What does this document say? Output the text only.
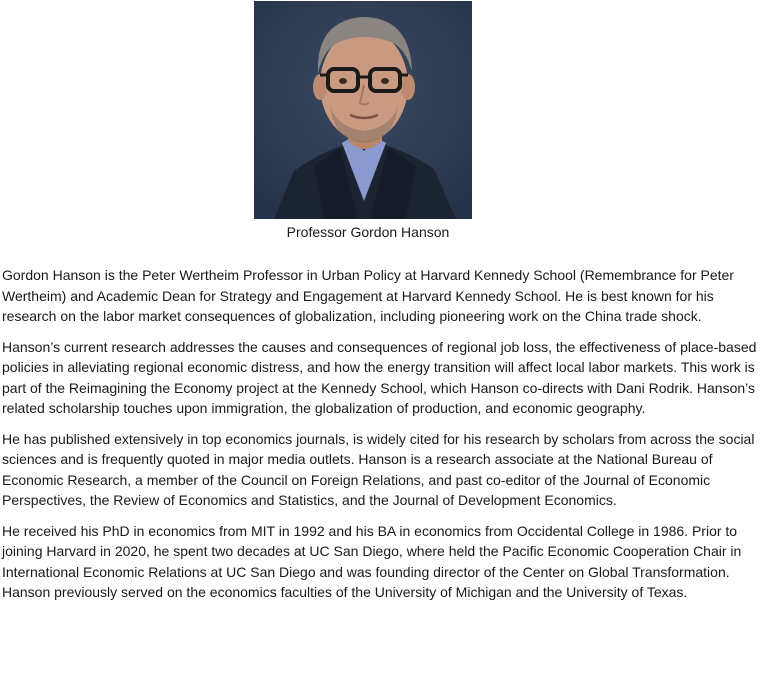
Professor Gordon Hanson

Gordon Hanson is the Peter Wertheim Professor in Urban Policy at Harvard Kennedy School (Remembrance for Peter Wertheim) and Academic Dean for Strategy and Engagement at Harvard Kennedy School. He is best known for his research on the labor market consequences of globalization, including pioneering work on the China trade shock.

Hanson’s current research addresses the causes and consequences of regional job loss, the effectiveness of place-based policies in alleviating regional economic distress, and how the energy transition will affect local labor markets. This work is part of the Reimagining the Economy project at the Kennedy School, which Hanson co-directs with Dani Rodrik. Hanson’s related scholarship touches upon immigration, the globalization of production, and economic geography.

He has published extensively in top economics journals, is widely cited for his research by scholars from across the social sciences and is frequently quoted in major media outlets. Hanson is a research associate at the National Bureau of Economic Research, a member of the Council on Foreign Relations, and past co-editor of the Journal of Economic Perspectives, the Review of Economics and Statistics, and the Journal of Development Economics.

He received his PhD in economics from MIT in 1992 and his BA in economics from Occidental College in 1986. Prior to joining Harvard in 2020, he spent two decades at UC San Diego, where held the Pacific Economic Cooperation Chair in International Economic Relations at UC San Diego and was founding director of the Center on Global Transformation. Hanson previously served on the economics faculties of the University of Michigan and the University of Texas.
